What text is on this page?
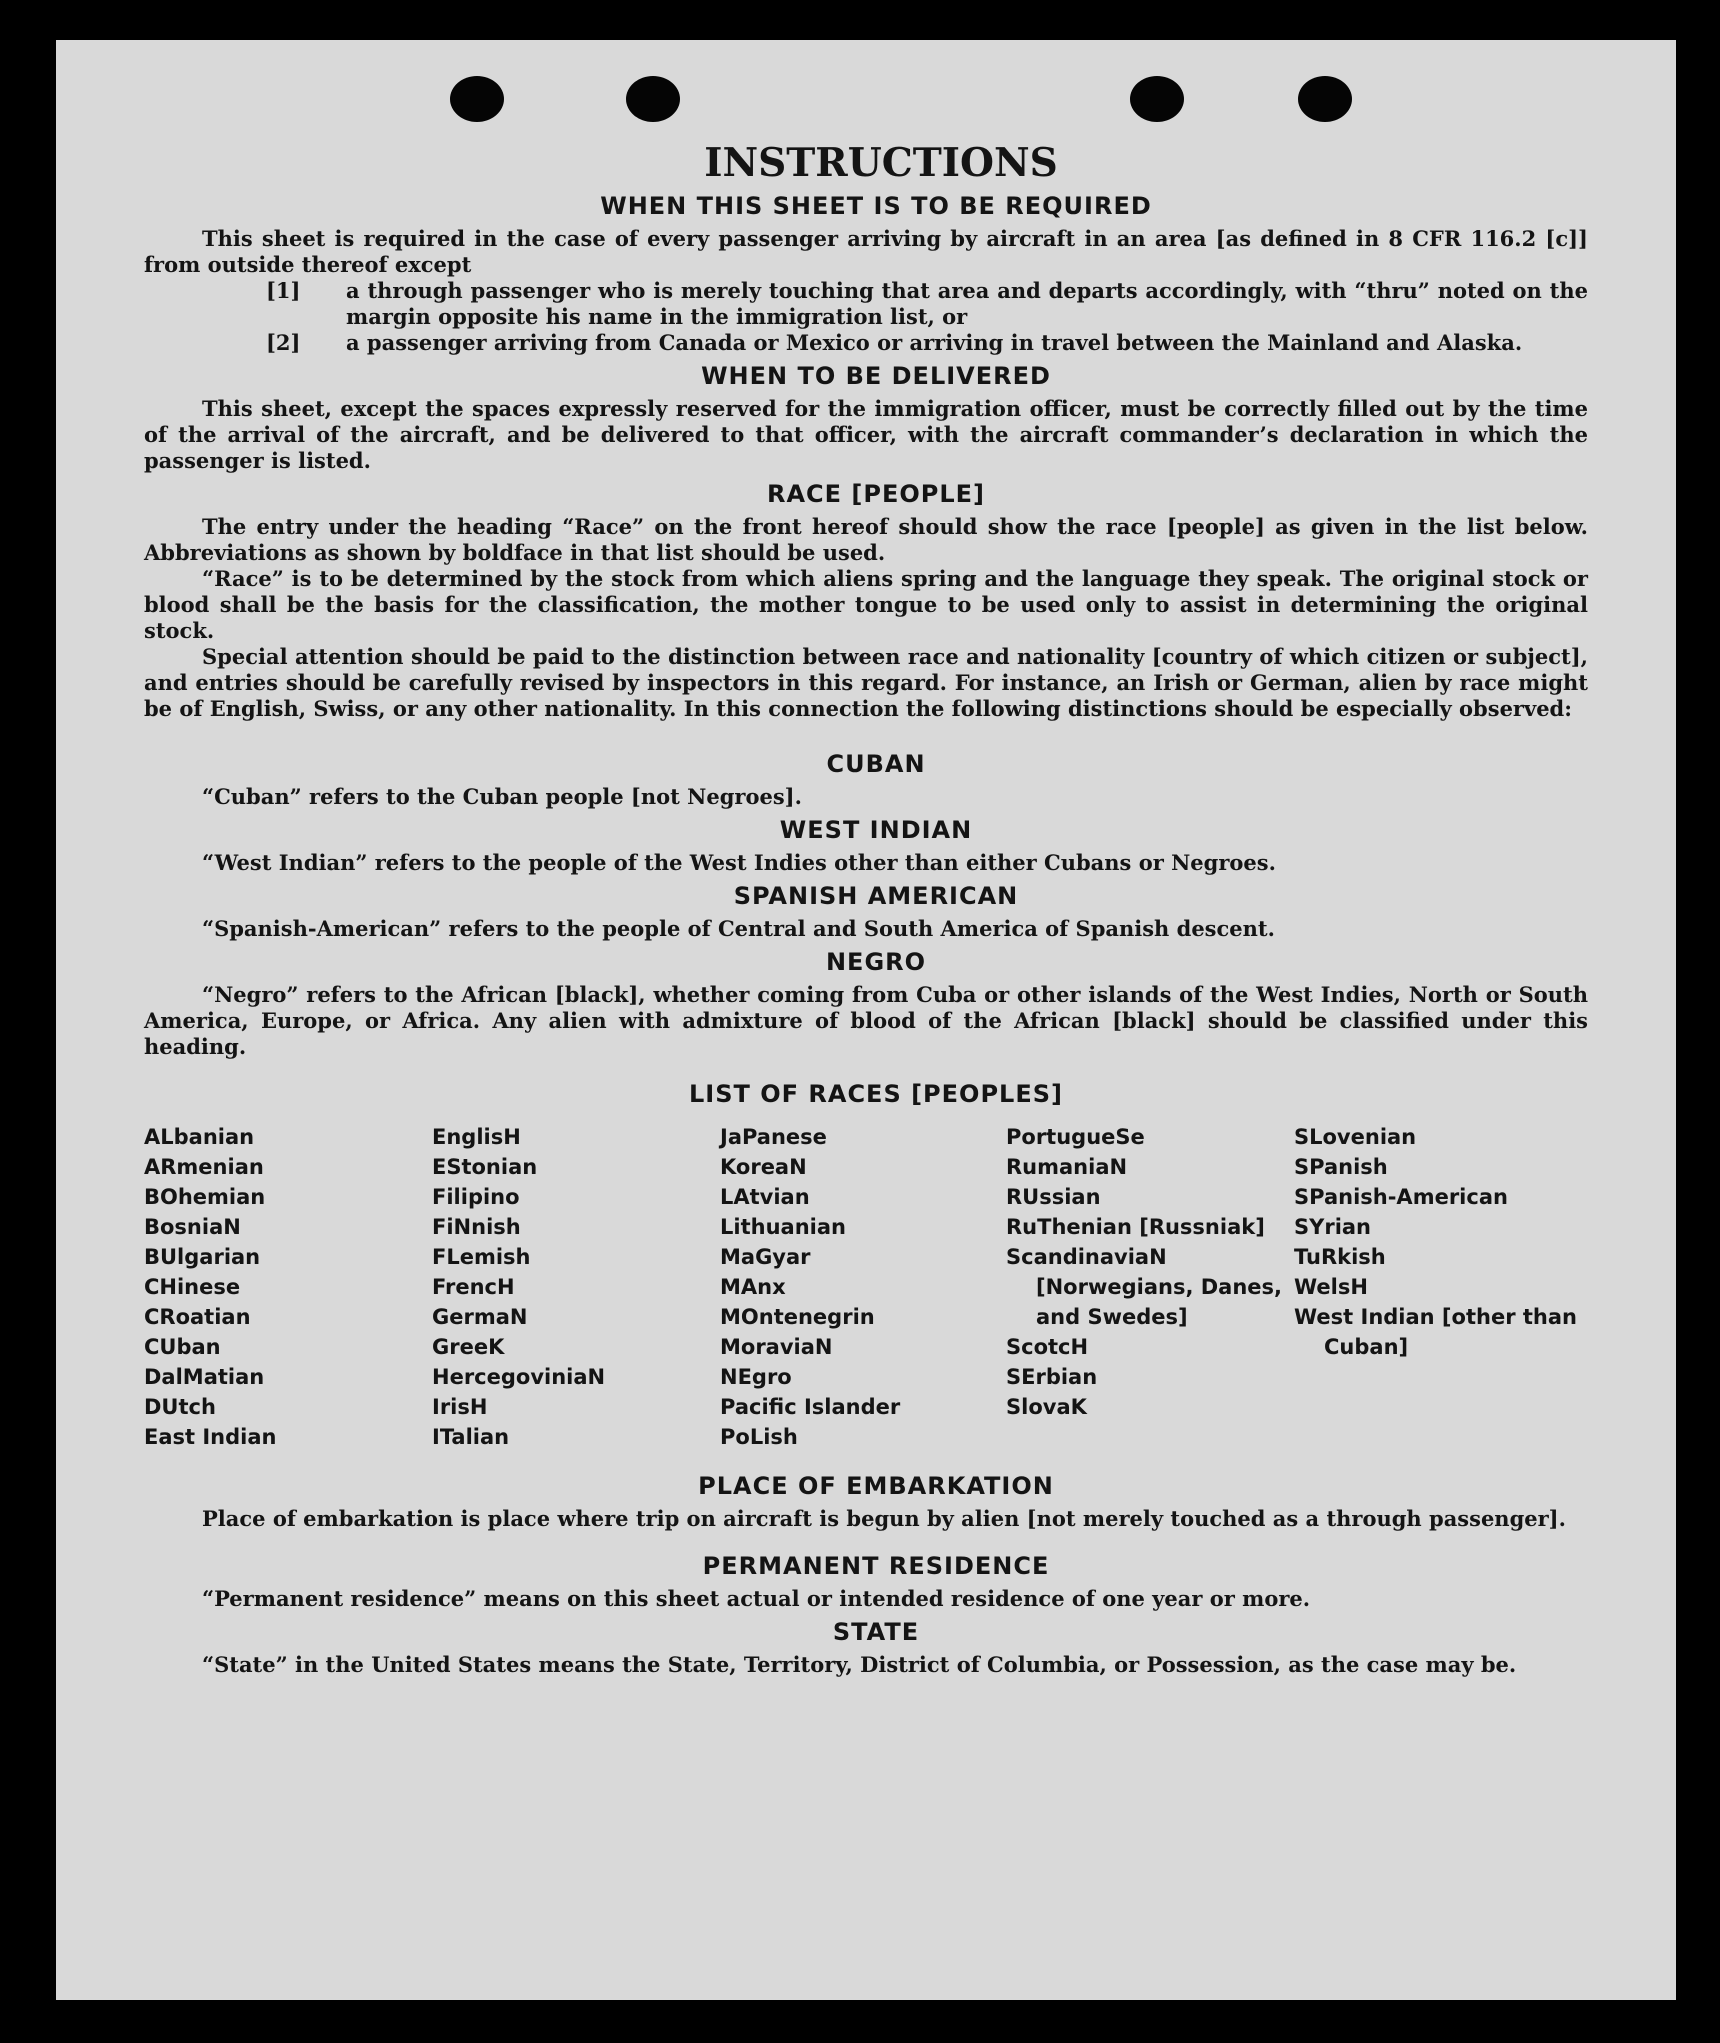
INSTRUCTIONS
WHEN THIS SHEET IS TO BE REQUIRED

This sheet is required in the case of every passenger arriving by aircraft in an area [as defined in 8 CFR 116.2 [c]] from outside thereof except

[1] a through passenger who is merely touching that area and departs accordingly, with “thru” noted on the margin opposite his name in the immigration list, or
[2] a passenger arriving from Canada or Mexico or arriving in travel between the Mainland and Alaska.
WHEN TO BE DELIVERED

This sheet, except the spaces expressly reserved for the immigration officer, must be correctly filled out by the time of the arrival of the aircraft, and be delivered to that officer, with the aircraft commander’s declaration in which the passenger is listed.

RACE [PEOPLE]

The entry under the heading “Race” on the front hereof should show the race [people] as given in the list below. Abbreviations as shown by boldface in that list should be used.

“Race” is to be determined by the stock from which aliens spring and the language they speak. The original stock or blood shall be the basis for the classification, the mother tongue to be used only to assist in determining the original stock.

Special attention should be paid to the distinction between race and nationality [country of which citizen or subject], and entries should be carefully revised by inspectors in this regard. For instance, an Irish or German, alien by race might be of English, Swiss, or any other nationality. In this connection the following distinctions should be especially observed:

CUBAN

“Cuban” refers to the Cuban people [not Negroes].

WEST INDIAN

“West Indian” refers to the people of the West Indies other than either Cubans or Negroes.

SPANISH AMERICAN

“Spanish-American” refers to the people of Central and South America of Spanish descent.

NEGRO

“Negro” refers to the African [black], whether coming from Cuba or other islands of the West Indies, North or South America, Europe, or Africa. Any alien with admixture of blood of the African [black] should be classified under this heading.

LIST OF RACES [PEOPLES]
ALbanian
ARmenian
BOhemian
BosniaN
BUlgarian
CHinese
CRoatian
CUban
DalMatian
DUtch
East Indian
EnglisH
EStonian
Filipino
FiNnish
FLemish
FrencH
GermaN
GreeK
HercegoviniaN
IrisH
ITalian
JaPanese
KoreaN
LAtvian
Lithuanian
MaGyar
MAnx
MOntenegrin
MoraviaN
NEgro
Pacific Islander
PoLish
PortugueSe
RumaniaN
RUssian
RuThenian [Russniak]
ScandinaviaN [Norwegians, Danes, and Swedes]
ScotcH
SErbian
SlovaK
SLovenian
SPanish
SPanish-American
SYrian
TuRkish
WelsH
West Indian [other than Cuban]
PLACE OF EMBARKATION

Place of embarkation is place where trip on aircraft is begun by alien [not merely touched as a through passenger].

PERMANENT RESIDENCE

“Permanent residence” means on this sheet actual or intended residence of one year or more.

STATE

“State” in the United States means the State, Territory, District of Columbia, or Possession, as the case may be.
